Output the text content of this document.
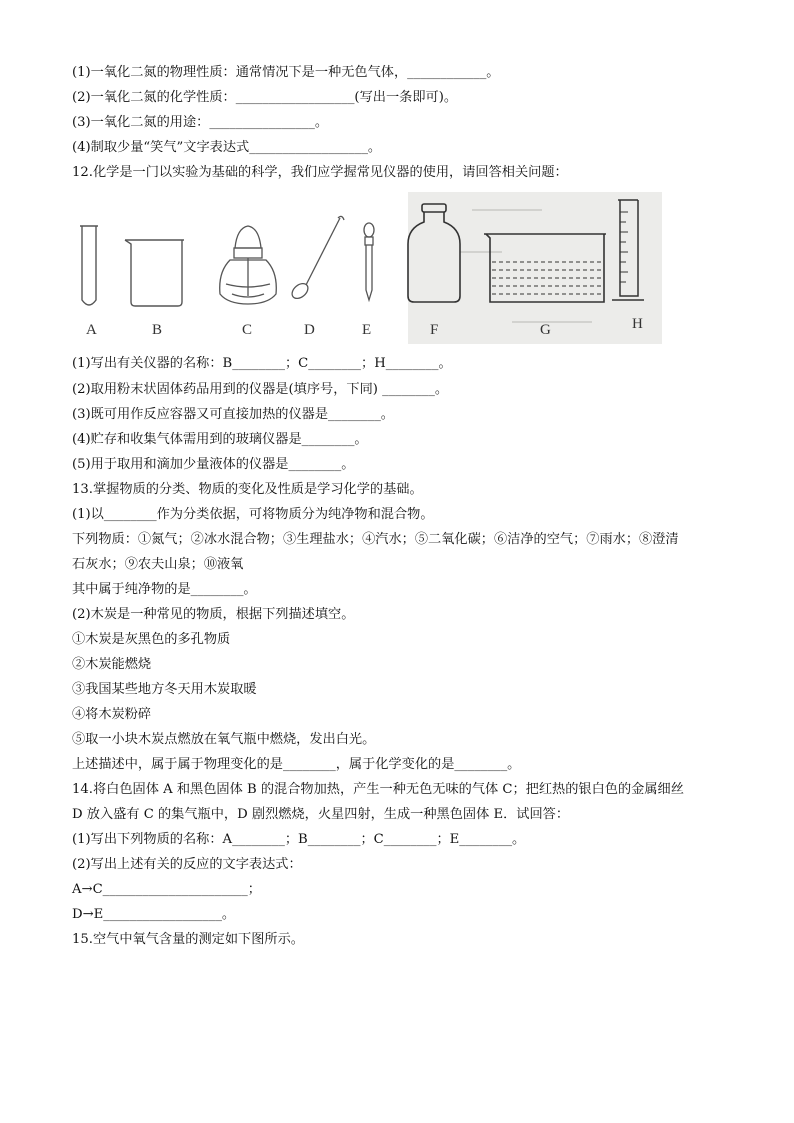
(1)一氧化二氮的物理性质：通常情况下是一种无色气体，____________。
(2)一氧化二氮的化学性质：__________________(写出一条即可)。
(3)一氧化二氮的用途：________________。
(4)制取少量“笑气”文字表达式__________________。
12.化学是一门以实验为基础的科学，我们应学握常见仪器的使用，请回答相关问题：
A	B	C	D	E	F	G	H
(1)写出有关仪器的名称：B________；C________；H________。
(2)取用粉末状固体药品用到的仪器是(填序号，下同) ________。
(3)既可用作反应容器又可直接加热的仪器是________。
(4)贮存和收集气体需用到的玻璃仪器是________。
(5)用于取用和滴加少量液体的仪器是________。
13.掌握物质的分类、物质的变化及性质是学习化学的基础。
(1)以________作为分类依据，可将物质分为纯净物和混合物。
下列物质：①氮气；②冰水混合物；③生理盐水；④汽水；⑤二氧化碳；⑥洁净的空气；⑦雨水；⑧澄清
石灰水；⑨农夫山泉；⑩液氧
其中属于纯净物的是________。
(2)木炭是一种常见的物质，根据下列描述填空。
①木炭是灰黑色的多孔物质
②木炭能燃烧
③我国某些地方冬天用木炭取暖
④将木炭粉碎
⑤取一小块木炭点燃放在氧气瓶中燃烧，发出白光。
上述描述中，属于属于物理变化的是________，属于化学变化的是________。
14.将白色固体 A 和黑色固体 B 的混合物加热，产生一种无色无味的气体 C；把红热的银白色的金属细丝
D 放入盛有 C 的集气瓶中，D 剧烈燃烧，火星四射，生成一种黑色固体 E．试回答：
(1)写出下列物质的名称：A________；B________；C________；E________。
(2)写出上述有关的反应的文字表达式：
A→C______________________；
D→E__________________。
15.空气中氧气含量的测定如下图所示。
